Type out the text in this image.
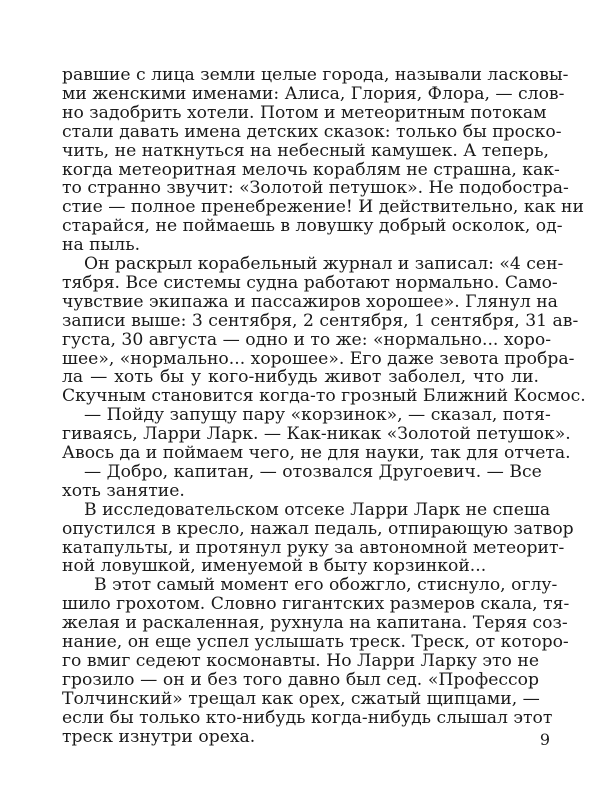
равшие с лица земли целые города, называли ласковы-
ми женскими именами: Алиса, Глория, Флора, — слов-
но задобрить хотели. Потом и метеоритным потокам
стали давать имена детских сказок: только бы проско-
чить, не наткнуться на небесный камушек. А теперь,
когда метеоритная мелочь кораблям не страшна, как-
то странно звучит: «Золотой петушок». Не подобостра-
стие — полное пренебрежение! И действительно, как ни
старайся, не поймаешь в ловушку добрый осколок, од-
на пыль.
Он раскрыл корабельный журнал и записал: «4 сен-
тября. Все системы судна работают нормально. Само-
чувствие экипажа и пассажиров хорошее». Глянул на
записи выше: 3 сентября, 2 сентября, 1 сентября, 31 ав-
густа, 30 августа — одно и то же: «нормально... хоро-
шее», «нормально... хорошее». Его даже зевота пробра-
ла — хоть бы у кого-нибудь живот заболел, что ли.
Скучным становится когда-то грозный Ближний Космос.
— Пойду запущу пару «корзинок», — сказал, потя-
гиваясь, Ларри Ларк. — Как-никак «Золотой петушок».
Авось да и поймаем чего, не для науки, так для отчета.
— Добро, капитан, — отозвался Другоевич. — Все
хоть занятие.
В исследовательском отсеке Ларри Ларк не спеша
опустился в кресло, нажал педаль, отпирающую затвор
катапульты, и протянул руку за автономной метеорит-
ной ловушкой, именуемой в быту корзинкой...
В этот самый момент его обожгло, стиснуло, оглу-
шило грохотом. Словно гигантских размеров скала, тя-
желая и раскаленная, рухнула на капитана. Теряя соз-
нание, он еще успел услышать треск. Треск, от которо-
го вмиг седеют космонавты. Но Ларри Ларку это не
грозило — он и без того давно был сед. «Профессор
Толчинский» трещал как орех, сжатый щипцами, —
если бы только кто-нибудь когда-нибудь слышал этот
треск изнутри ореха.	9
